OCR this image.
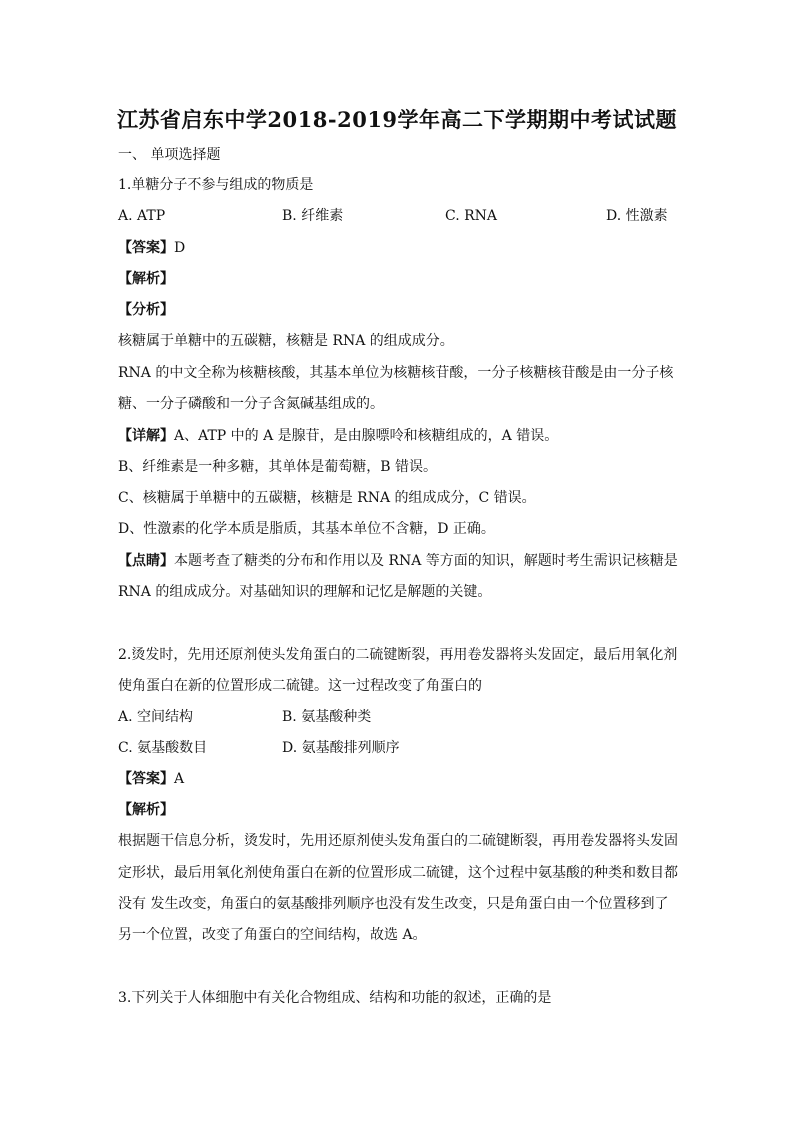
江苏省启东中学2018-2019学年高二下学期期中考试试题
一、 单项选择题
1.单糖分子不参与组成的物质是
A. ATP	B. 纤维素	C. RNA	D. 性激素
【答案】D
【解析】
【分析】
核糖属于单糖中的五碳糖，核糖是 RNA 的组成成分。
RNA 的中文全称为核糖核酸，其基本单位为核糖核苷酸，一分子核糖核苷酸是由一分子核
糖、一分子磷酸和一分子含氮碱基组成的。
【详解】A、ATP 中的 A 是腺苷，是由腺嘌呤和核糖组成的，A 错误。
B、纤维素是一种多糖，其单体是葡萄糖，B 错误。
C、核糖属于单糖中的五碳糖，核糖是 RNA 的组成成分，C 错误。
D、性激素的化学本质是脂质，其基本单位不含糖，D 正确。
【点睛】本题考查了糖类的分布和作用以及 RNA 等方面的知识，解题时考生需识记核糖是
RNA 的组成成分。对基础知识的理解和记忆是解题的关键。
2.烫发时，先用还原剂使头发角蛋白的二硫键断裂，再用卷发器将头发固定，最后用氧化剂
使角蛋白在新的位置形成二硫键。这一过程改变了角蛋白的
A. 空间结构	B. 氨基酸种类
C. 氨基酸数目	D. 氨基酸排列顺序
【答案】A
【解析】
根据题干信息分析，烫发时，先用还原剂使头发角蛋白的二硫键断裂，再用卷发器将头发固
定形状，最后用氧化剂使角蛋白在新的位置形成二硫键，这个过程中氨基酸的种类和数目都
没有 发生改变，角蛋白的氨基酸排列顺序也没有发生改变，只是角蛋白由一个位置移到了
另一个位置，改变了角蛋白的空间结构，故选 A。
3.下列关于人体细胞中有关化合物组成、结构和功能的叙述，正确的是
